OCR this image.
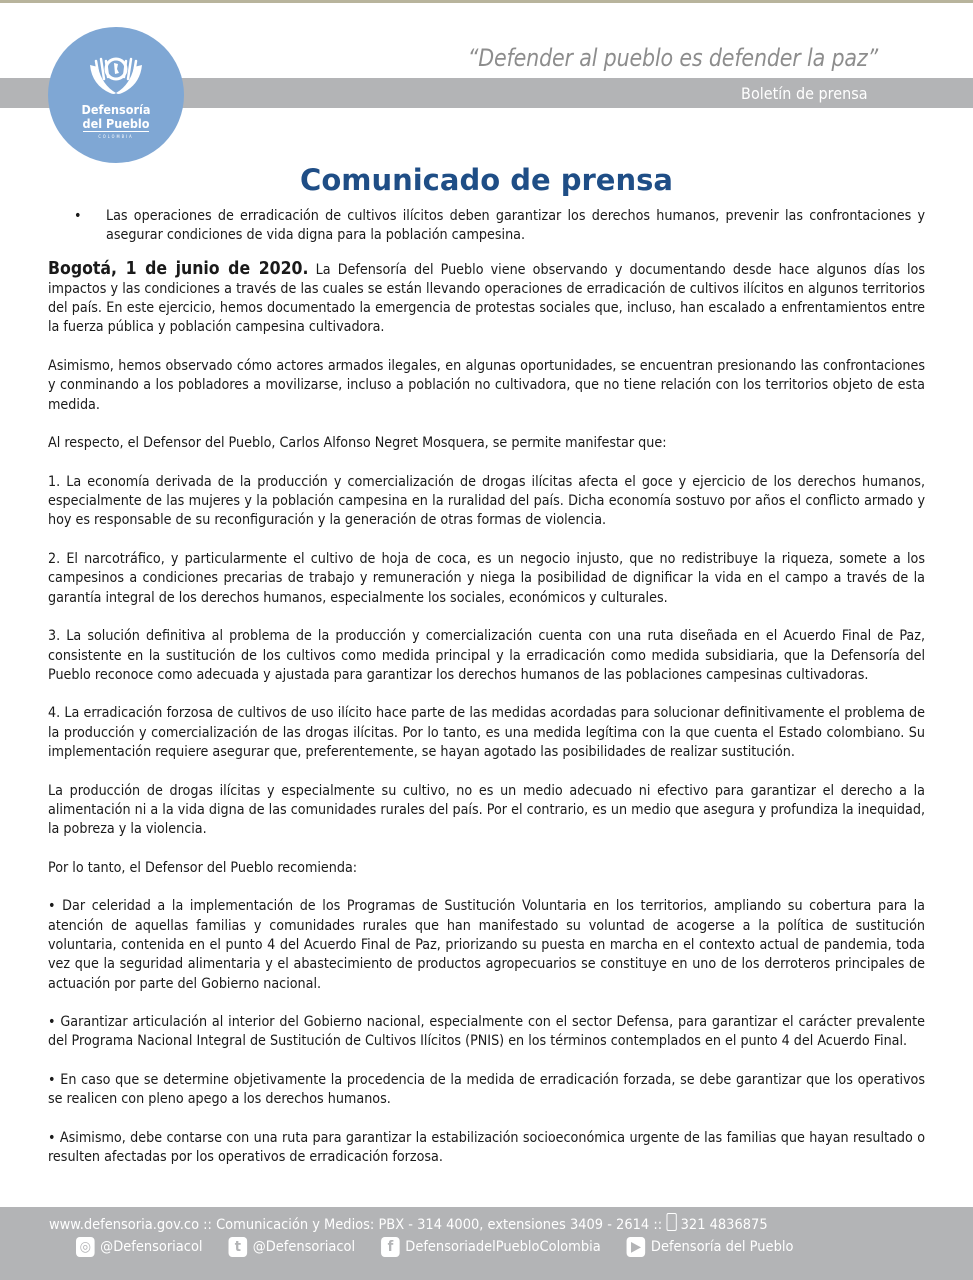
“Defender al pueblo es defender la paz”
Boletín de prensa
Defensoría
del Pueblo
COLOMBIA
Comunicado de prensa

•	Las operaciones de erradicación de cultivos ilícitos deben garantizar los derechos humanos, prevenir las confrontaciones y asegurar condiciones de vida digna para la población campesina.

Bogotá, 1 de junio de 2020. La Defensoría del Pueblo viene observando y documentando desde hace algunos días los impactos y las condiciones a través de las cuales se están llevando operaciones de erradicación de cultivos ilícitos en algunos territorios del país. En este ejercicio, hemos documentado la emergencia de protestas sociales que, incluso, han escalado a enfrentamientos entre la fuerza pública y población campesina cultivadora.

Asimismo, hemos observado cómo actores armados ilegales, en algunas oportunidades, se encuentran presionando las confrontaciones y conminando a los pobladores a movilizarse, incluso a población no cultivadora, que no tiene relación con los territorios objeto de esta medida.

Al respecto, el Defensor del Pueblo, Carlos Alfonso Negret Mosquera, se permite manifestar que:

1. La economía derivada de la producción y comercialización de drogas ilícitas afecta el goce y ejercicio de los derechos humanos, especialmente de las mujeres y la población campesina en la ruralidad del país. Dicha economía sostuvo por años el conflicto armado y hoy es responsable de su reconfiguración y la generación de otras formas de violencia.

2. El narcotráfico, y particularmente el cultivo de hoja de coca, es un negocio injusto, que no redistribuye la riqueza, somete a los campesinos a condiciones precarias de trabajo y remuneración y niega la posibilidad de dignificar la vida en el campo a través de la garantía integral de los derechos humanos, especialmente los sociales, económicos y culturales.

3. La solución definitiva al problema de la producción y comercialización cuenta con una ruta diseñada en el Acuerdo Final de Paz, consistente en la sustitución de los cultivos como medida principal y la erradicación como medida subsidiaria, que la Defensoría del Pueblo reconoce como adecuada y ajustada para garantizar los derechos humanos de las poblaciones campesinas cultivadoras.

4. La erradicación forzosa de cultivos de uso ilícito hace parte de las medidas acordadas para solucionar definitivamente el problema de la producción y comercialización de las drogas ilícitas. Por lo tanto, es una medida legítima con la que cuenta el Estado colombiano. Su implementación requiere asegurar que, preferentemente, se hayan agotado las posibilidades de realizar sustitución.

La producción de drogas ilícitas y especialmente su cultivo, no es un medio adecuado ni efectivo para garantizar el derecho a la alimentación ni a la vida digna de las comunidades rurales del país. Por el contrario, es un medio que asegura y profundiza la inequidad, la pobreza y la violencia.

Por lo tanto, el Defensor del Pueblo recomienda:

• Dar celeridad a la implementación de los Programas de Sustitución Voluntaria en los territorios, ampliando su cobertura para la atención de aquellas familias y comunidades rurales que han manifestado su voluntad de acogerse a la política de sustitución voluntaria, contenida en el punto 4 del Acuerdo Final de Paz, priorizando su puesta en marcha en el contexto actual de pandemia, toda vez que la seguridad alimentaria y el abastecimiento de productos agropecuarios se constituye en uno de los derroteros principales de actuación por parte del Gobierno nacional.

• Garantizar articulación al interior del Gobierno nacional, especialmente con el sector Defensa, para garantizar el carácter prevalente del Programa Nacional Integral de Sustitución de Cultivos Ilícitos (PNIS) en los términos contemplados en el punto 4 del Acuerdo Final.

• En caso que se determine objetivamente la procedencia de la medida de erradicación forzada, se debe garantizar que los operativos se realicen con pleno apego a los derechos humanos.

• Asimismo, debe contarse con una ruta para garantizar la estabilización socioeconómica urgente de las familias que hayan resultado o resulten afectadas por los operativos de erradicación forzosa.

www.defensoria.gov.co :: Comunicación y Medios: PBX - 314 4000, extensiones 3409 - 2614 :: 321 4836875
◎ @Defensoriacol	t @Defensoriacol	f DefensoriadelPuebloColombia	▶ Defensoría del Pueblo
